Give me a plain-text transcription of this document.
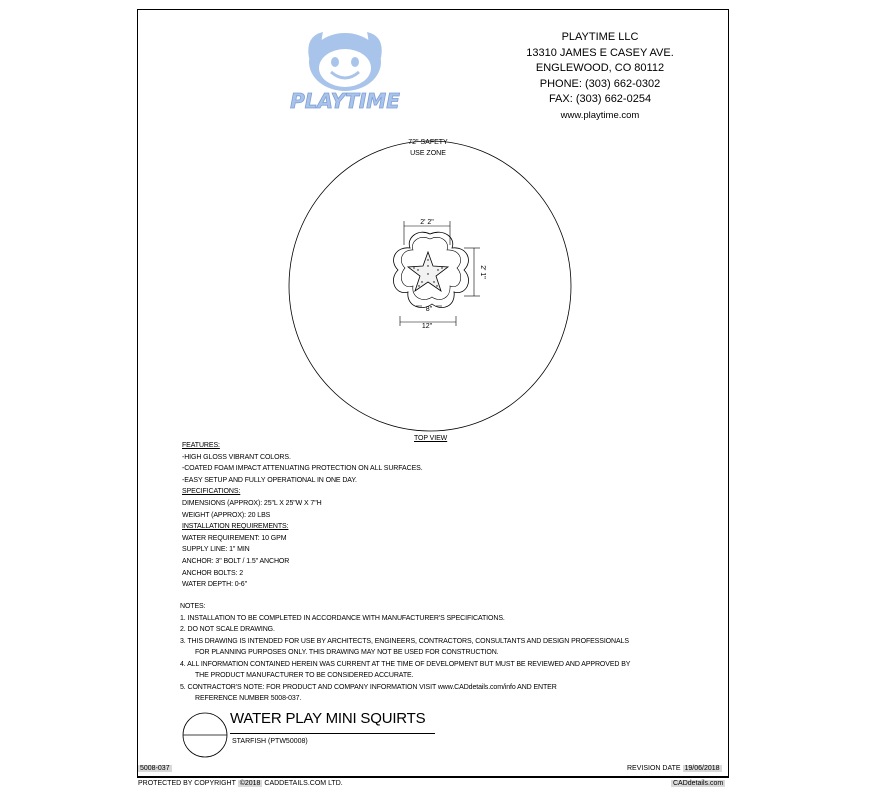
PLAYTIME
PLAYTIME LLC
13310 JAMES E CASEY AVE.
ENGLEWOOD, CO 80112
PHONE: (303) 662-0302
FAX: (303) 662-0254
www.playtime.com
72" SAFETY
USE ZONE
2' 2"
2' 1"
8"
12"
TOP VIEW
FEATURES:
-HIGH GLOSS VIBRANT COLORS.
-COATED FOAM IMPACT ATTENUATING PROTECTION ON ALL SURFACES.
-EASY SETUP AND FULLY OPERATIONAL IN ONE DAY.
SPECIFICATIONS:
DIMENSIONS (APPROX): 25"L X 25"W X 7"H
WEIGHT (APPROX): 20 LBS
INSTALLATION REQUIREMENTS:
WATER REQUIREMENT: 10 GPM
SUPPLY LINE: 1" MIN
ANCHOR: 3" BOLT / 1.5" ANCHOR
ANCHOR BOLTS: 2
WATER DEPTH: 0-6"
NOTES:
1. INSTALLATION TO BE COMPLETED IN ACCORDANCE WITH MANUFACTURER'S SPECIFICATIONS.
2. DO NOT SCALE DRAWING.
3. THIS DRAWING IS INTENDED FOR USE BY ARCHITECTS, ENGINEERS, CONTRACTORS, CONSULTANTS AND DESIGN PROFESSIONALS
FOR PLANNING PURPOSES ONLY. THIS DRAWING MAY NOT BE USED FOR CONSTRUCTION.
4. ALL INFORMATION CONTAINED HEREIN WAS CURRENT AT THE TIME OF DEVELOPMENT BUT MUST BE REVIEWED AND APPROVED BY
THE PRODUCT MANUFACTURER TO BE CONSIDERED ACCURATE.
5. CONTRACTOR'S NOTE: FOR PRODUCT AND COMPANY INFORMATION VISIT www.CADdetails.com/info AND ENTER
REFERENCE NUMBER 5008-037.
WATER PLAY MINI SQUIRTS
STARFISH (PTW50008)
5008-037	REVISION DATE 19/06/2018
PROTECTED BY COPYRIGHT ©2018 CADDETAILS.COM LTD.	CADdetails.com
